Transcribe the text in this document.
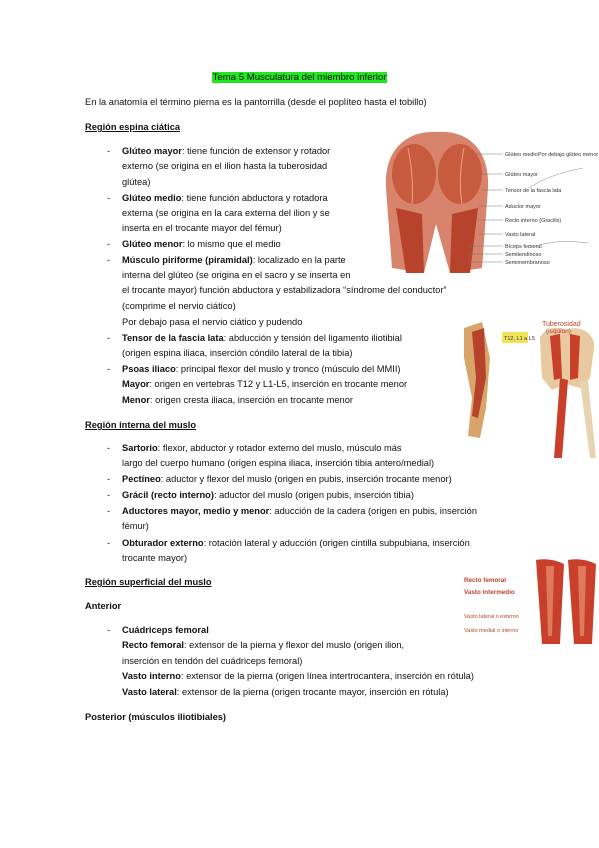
Tema 5 Musculatura del miembro inferior
En la anatomía el término pierna es la pantorrilla (desde el poplíteo hasta el tobillo)
Región espina ciática
- Glúteo mayor: tiene función de extensor y rotador
externo (se origina en el ilion hasta la tuberosidad
glútea)
- Glúteo medio: tiene función abductora y rotadora
externa (se origina en la cara externa del ilion y se
inserta en el trocante mayor del fémur)
- Glúteo menor: lo mismo que el medio
- Músculo piriforme (piramidal): localizado en la parte
interna del glúteo (se origina en el sacro y se inserta en
el trocante mayor) función abductora y estabilizadora “síndrome del conductor”
(comprime el nervio ciático)
Por debajo pasa el nervio ciático y pudendo
- Tensor de la fascia lata: abducción y tensión del ligamento iliotibial
(origen espina iliaca, inserción cóndilo lateral de la tibia)
- Psoas iliaco: principal flexor del muslo y tronco (músculo del MMII)
Mayor: origen en vertebras T12 y L1-L5, inserción en trocante menor
Menor: origen cresta iliaca, inserción en trocante menor
Región interna del muslo
- Sartorio: flexor, abductor y rotador externo del muslo, músculo más
largo del cuerpo humano (origen espina iliaca, inserción tibia antero/medial)
- Pectíneo: aductor y flexor del muslo (origen en pubis, inserción trocante menor)
- Grácil (recto interno): aductor del muslo (origen pubis, inserción tibia)
- Aductores mayor, medio y menor: aducción de la cadera (origen en pubis, inserción
fémur)
- Obturador externo: rotación lateral y aducción (origen cintilla subpubiana, inserción
trocante mayor)
Región superficial del muslo
Anterior
- Cuádriceps femoral
Recto femoral: extensor de la pierna y flexor del muslo (origen ilion,
inserción en tendón del cuádriceps femoral)
Vasto interno: extensor de la pierna (origen línea intertrocantera, inserción en rótula)
Vasto lateral: extensor de la pierna (origen trocante mayor, inserción en rótula)
Posterior (músculos iliotibiales)
Glúteo medio
Glúteo mayor
Tensor de la fascia lata
Aductor mayor
Recto interno (Gracilis)
Vasto lateral
Bíceps femoral
Semitendinoso
Semimembranoso
Por debajo glúteo menor
T12, L1 a L5
Tuberosidad
(isquion)
Recto femoral
Vasto intermedio
Vasto lateral o externo
Vasto medial o interno
